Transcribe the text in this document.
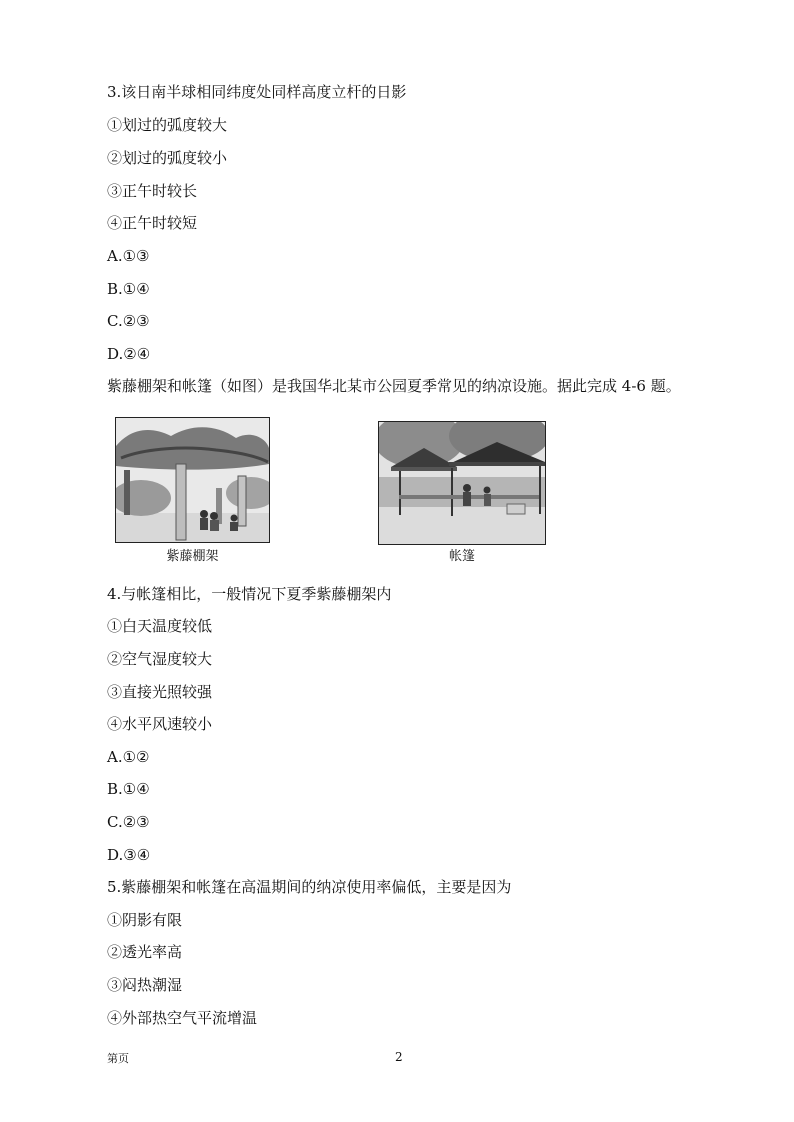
3.该日南半球相同纬度处同样高度立杆的日影
①划过的弧度较大
②划过的弧度较小
③正午时较长
④正午时较短
A.①③
B.①④
C.②③
D.②④
紫藤棚架和帐篷（如图）是我国华北某市公园夏季常见的纳凉设施。据此完成 4-6 题。
紫藤棚架	帐篷
4.与帐篷相比，一般情况下夏季紫藤棚架内
①白天温度较低
②空气湿度较大
③直接光照较强
④水平风速较小
A.①②
B.①④
C.②③
D.③④
5.紫藤棚架和帐篷在高温期间的纳凉使用率偏低，主要是因为
①阴影有限
②透光率高
③闷热潮湿
④外部热空气平流增温
第页	2
